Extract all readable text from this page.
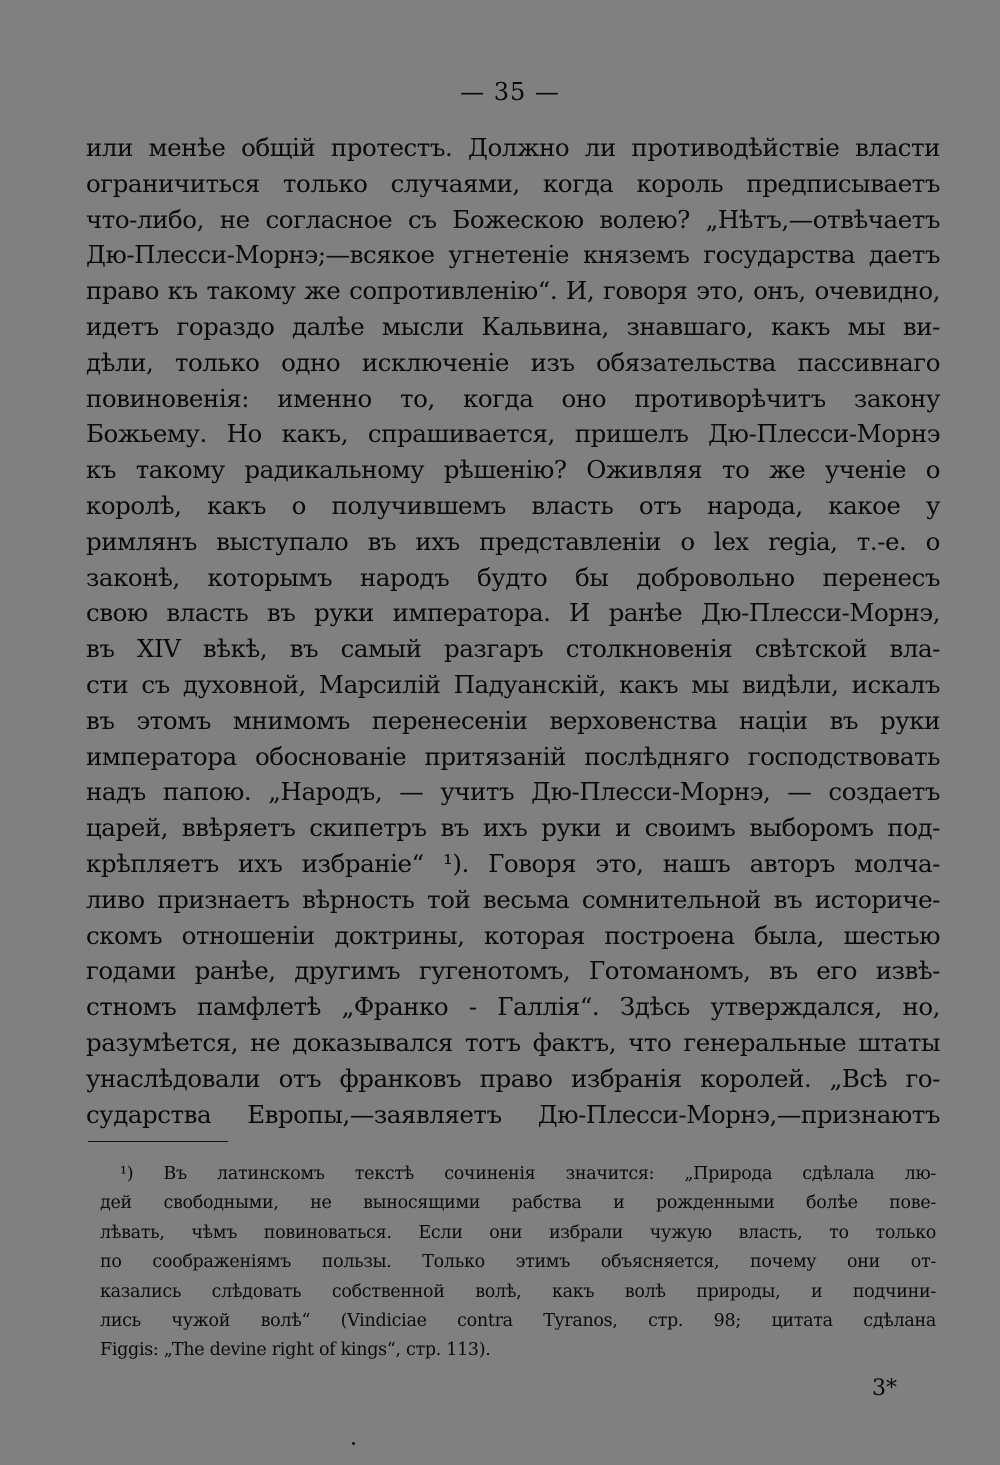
— 35 —
или менѣе общій протестъ. Должно ли противодѣйствіе власти
ограничиться только случаями, когда король предписываетъ
что-либо, не согласное съ Божескою волею? „Нѣтъ,—отвѣчаетъ
Дю-Плесси-Морнэ;—всякое угнетеніе княземъ государства даетъ
право къ такому же сопротивленію“. И, говоря это, онъ, очевидно,
идетъ гораздо далѣе мысли Кальвина, знавшаго, какъ мы ви-
дѣли, только одно исключеніе изъ обязательства пассивнаго
повиновенія: именно то, когда оно противорѣчитъ закону
Божьему. Но какъ, спрашивается, пришелъ Дю-Плесси-Морнэ
къ такому радикальному рѣшенію? Оживляя то же ученіе о
королѣ, какъ о получившемъ власть отъ народа, какое у
римлянъ выступало въ ихъ представленіи о lex regia, т.-е. о
законѣ, которымъ народъ будто бы добровольно перенесъ
свою власть въ руки императора. И ранѣе Дю-Плесси-Морнэ,
въ XIV вѣкѣ, въ самый разгаръ столкновенія свѣтской вла-
сти съ духовной, Марсилій Падуанскій, какъ мы видѣли, искалъ
въ этомъ мнимомъ перенесеніи верховенства націи въ руки
императора обоснованіе притязаній послѣдняго господствовать
надъ папою. „Народъ, — учитъ Дю-Плесси-Морнэ, — создаетъ
царей, ввѣряетъ скипетръ въ ихъ руки и своимъ выборомъ под-
крѣпляетъ ихъ избраніе“ ¹). Говоря это, нашъ авторъ молча-
ливо признаетъ вѣрность той весьма сомнительной въ историче-
скомъ отношеніи доктрины, которая построена была, шестью
годами ранѣе, другимъ гугенотомъ, Готоманомъ, въ его извѣ-
стномъ памфлетѣ „Франко - Галлія“. Здѣсь утверждался, но,
разумѣется, не доказывался тотъ фактъ, что генеральные штаты
унаслѣдовали отъ франковъ право избранія королей. „Всѣ го-
сударства Европы,—заявляетъ Дю-Плесси-Морнэ,—признаютъ
¹) Въ латинскомъ текстѣ сочиненія значится: „Природа сдѣлала лю-
дей свободными, не выносящими рабства и рожденными болѣе пове-
лѣвать, чѣмъ повиноваться. Если они избрали чужую власть, то только
по соображеніямъ пользы. Только этимъ объясняется, почему они от-
казались слѣдовать собственной волѣ, какъ волѣ природы, и подчини-
лись чужой волѣ“ (Vindiciae contra Tyranos, стр. 98; цитата сдѣлана
Figgis: „The devine right of kings“, стр. 113).
3*
